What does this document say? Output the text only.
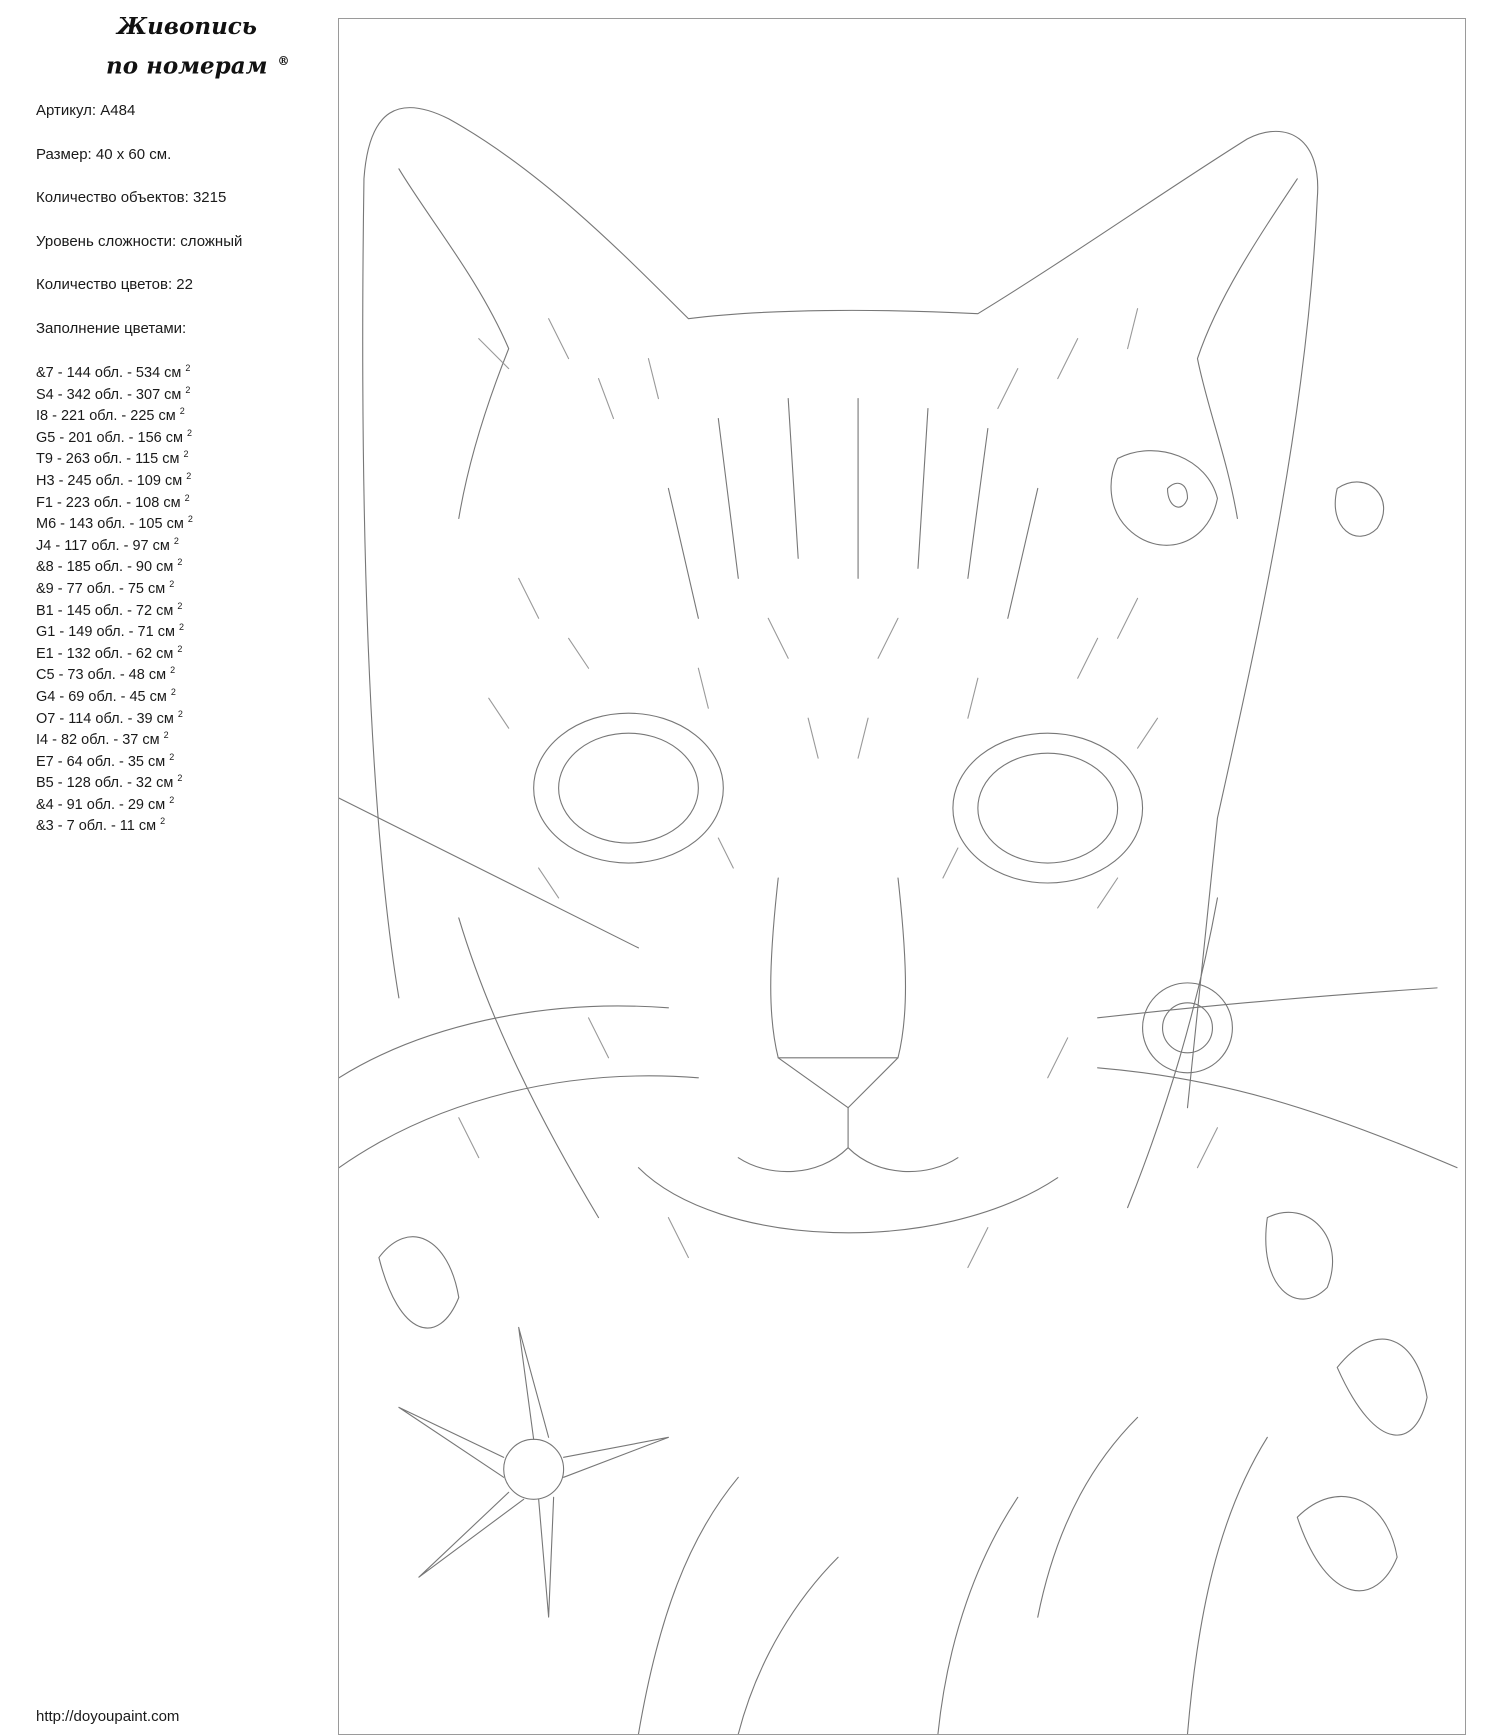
Живопись
по номерам ®
Артикул: A484
Размер: 40 х 60 см.
Количество объектов: 3215
Уровень сложности: сложный
Количество цветов: 22
Заполнение цветами:
&7 - 144 обл. - 534 см $^2$
S4 - 342 обл. - 307 см $^2$
I8 - 221 обл. - 225 см $^2$
G5 - 201 обл. - 156 см $^2$
T9 - 263 обл. - 115 см $^2$
H3 - 245 обл. - 109 см $^2$
F1 - 223 обл. - 108 см $^2$
M6 - 143 обл. - 105 см $^2$
J4 - 117 обл. - 97 см $^2$
&8 - 185 обл. - 90 см $^2$
&9 - 77 обл. - 75 см $^2$
B1 - 145 обл. - 72 см $^2$
G1 - 149 обл. - 71 см $^2$
E1 - 132 обл. - 62 см $^2$
C5 - 73 обл. - 48 см $^2$
G4 - 69 обл. - 45 см $^2$
O7 - 114 обл. - 39 см $^2$
I4 - 82 обл. - 37 см $^2$
E7 - 64 обл. - 35 см $^2$
B5 - 128 обл. - 32 см $^2$
&4 - 91 обл. - 29 см $^2$
&3 - 7 обл. - 11 см $^2$
http://doyoupaint.com
